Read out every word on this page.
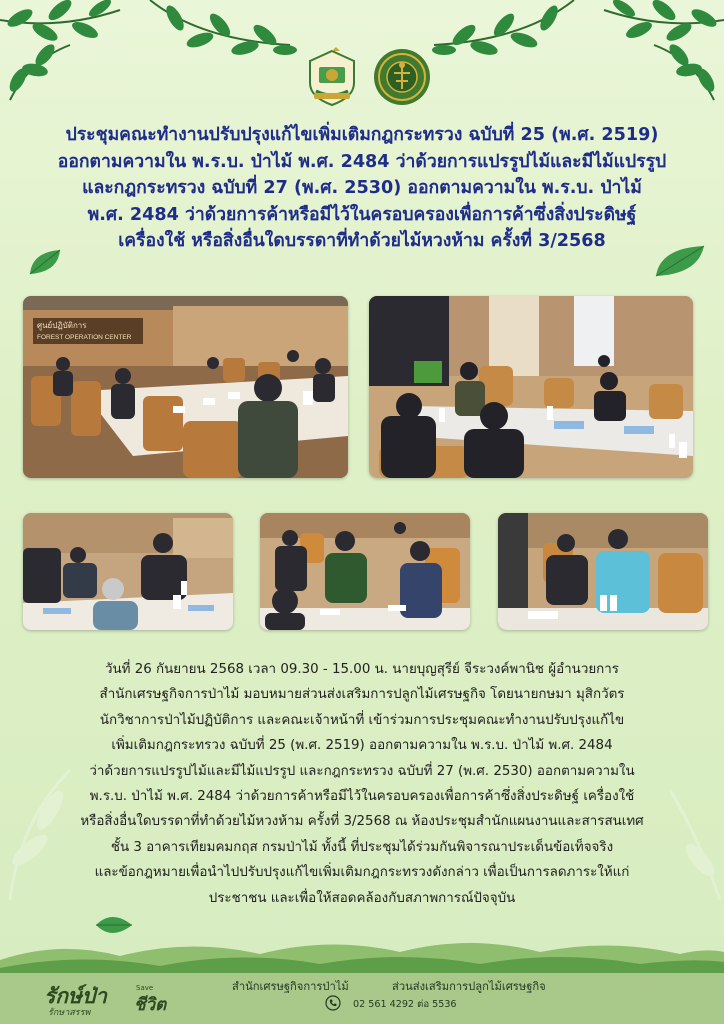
ประชุมคณะทำงานปรับปรุงแก้ไขเพิ่มเติมกฎกระทรวง ฉบับที่ 25 (พ.ศ. 2519)
ออกตามความใน พ.ร.บ. ป่าไม้ พ.ศ. 2484 ว่าด้วยการแปรรูปไม้และมีไม้แปรรูป
และกฎกระทรวง ฉบับที่ 27 (พ.ศ. 2530) ออกตามความใน พ.ร.บ. ป่าไม้
พ.ศ. 2484 ว่าด้วยการค้าหรือมีไว้ในครอบครองเพื่อการค้าซึ่งสิ่งประดิษฐ์
เครื่องใช้ หรือสิ่งอื่นใดบรรดาที่ทำด้วยไม้หวงห้าม ครั้งที่ 3/2568
ศูนย์ปฏิบัติการ
FOREST OPERATION CENTER
วันที่ 26 กันยายน 2568 เวลา 09.30 - 15.00 น. นายบุญสุรีย์ จีระวงค์พานิช ผู้อำนวยการ
สำนักเศรษฐกิจการป่าไม้ มอบหมายส่วนส่งเสริมการปลูกไม้เศรษฐกิจ โดยนายกษมา มุสิกวัตร
นักวิชาการป่าไม้ปฏิบัติการ และคณะเจ้าหน้าที่ เข้าร่วมการประชุมคณะทำงานปรับปรุงแก้ไข
เพิ่มเติมกฎกระทรวง ฉบับที่ 25 (พ.ศ. 2519) ออกตามความใน พ.ร.บ. ป่าไม้ พ.ศ. 2484
ว่าด้วยการแปรรูปไม้และมีไม้แปรรูป และกฎกระทรวง ฉบับที่ 27 (พ.ศ. 2530) ออกตามความใน
พ.ร.บ. ป่าไม้ พ.ศ. 2484 ว่าด้วยการค้าหรือมีไว้ในครอบครองเพื่อการค้าซึ่งสิ่งประดิษฐ์ เครื่องใช้
หรือสิ่งอื่นใดบรรดาที่ทำด้วยไม้หวงห้าม ครั้งที่ 3/2568 ณ ห้องประชุมสำนักแผนงานและสารสนเทศ
ชั้น 3 อาคารเทียมคมกฤส กรมป่าไม้ ทั้งนี้ ที่ประชุมได้ร่วมกันพิจารณาประเด็นข้อเท็จจริง
และข้อกฎหมายเพื่อนำไปปรับปรุงแก้ไขเพิ่มเติมกฎกระทรวงดังกล่าว เพื่อเป็นการลดภาระให้แก่
ประชาชน และเพื่อให้สอดคล้องกับสภาพการณ์ปัจจุบัน
รักษ์ป่า
รักษาสรรพ
Save
ชีวิต
สำนักเศรษฐกิจการป่าไม้	ส่วนส่งเสริมการปลูกไม้เศรษฐกิจ
02 561 4292 ต่อ 5536
